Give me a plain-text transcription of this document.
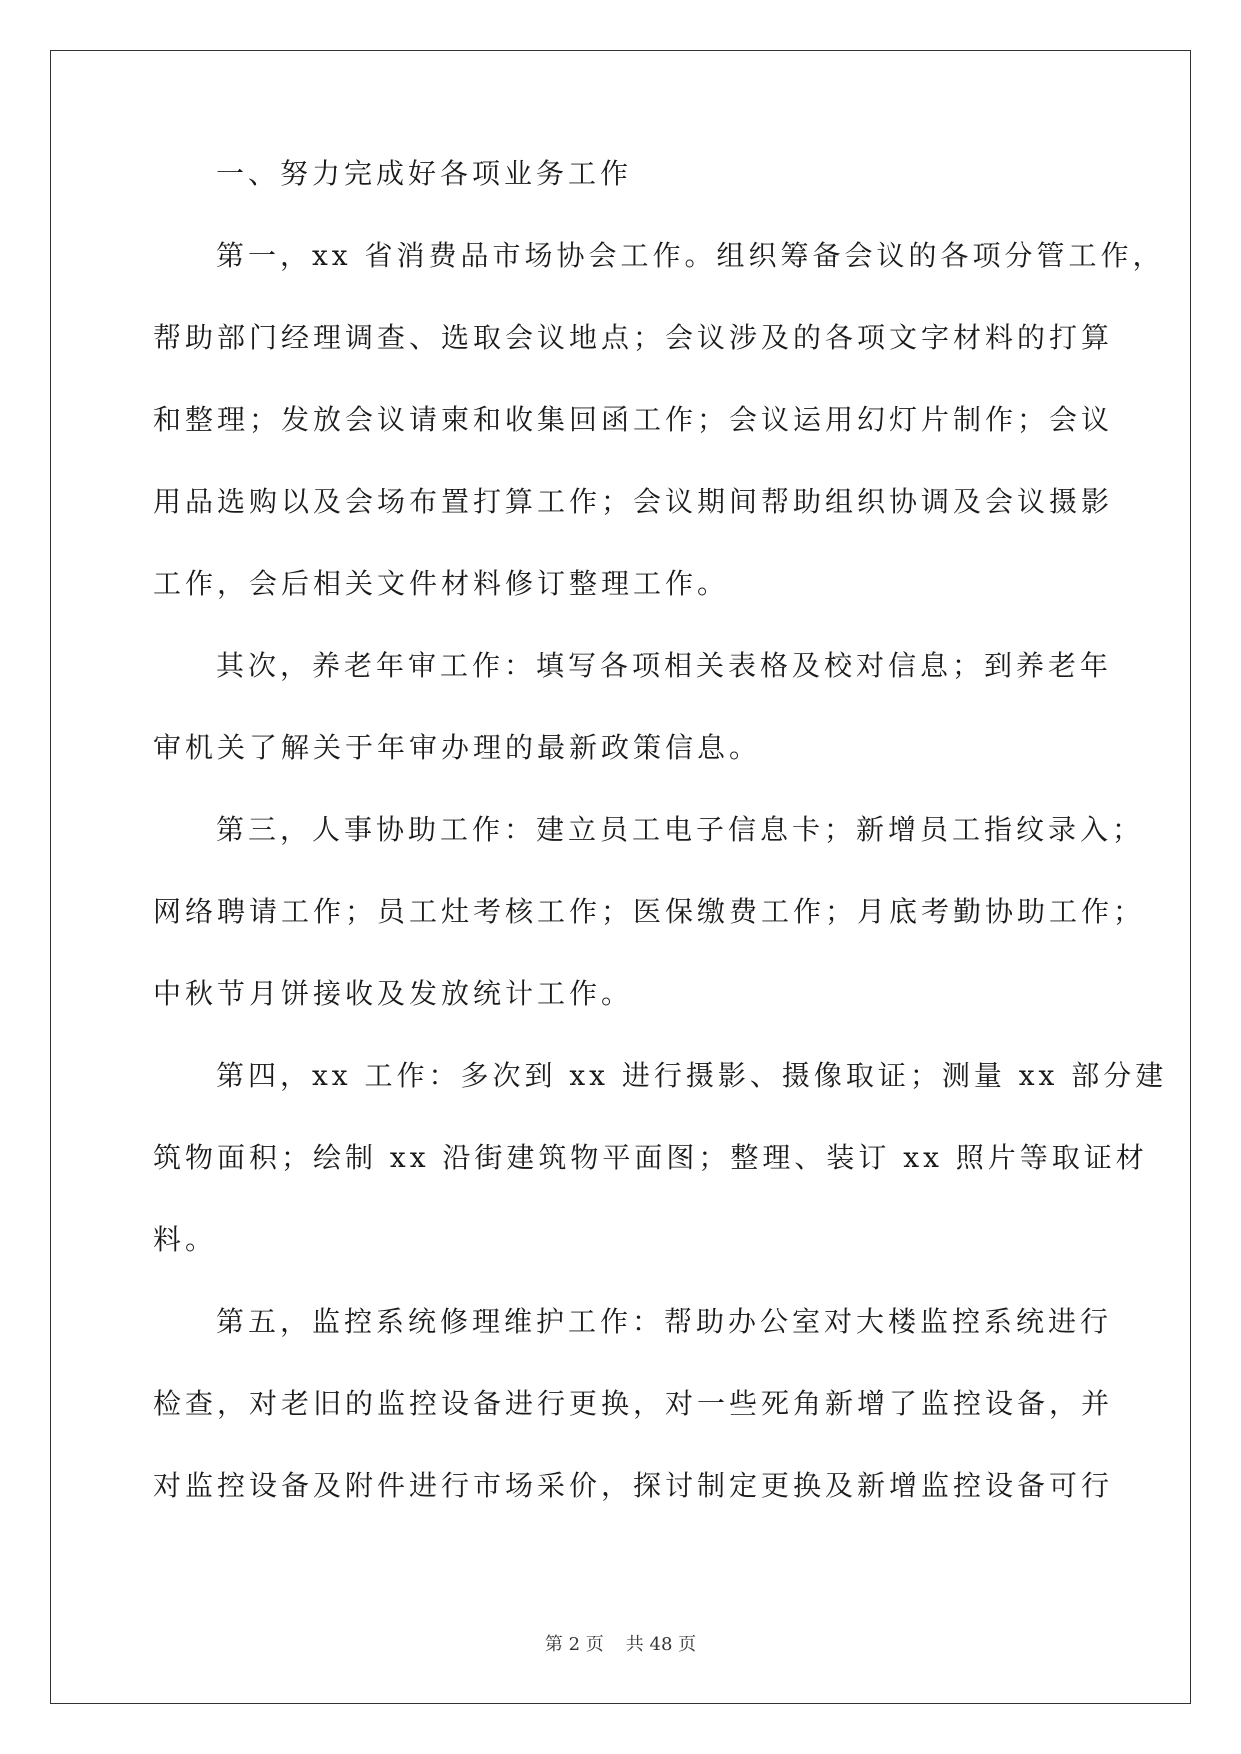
一、努力完成好各项业务工作
第一，xx 省消费品市场协会工作。组织筹备会议的各项分管工作，
帮助部门经理调查、选取会议地点；会议涉及的各项文字材料的打算
和整理；发放会议请柬和收集回函工作；会议运用幻灯片制作；会议
用品选购以及会场布置打算工作；会议期间帮助组织协调及会议摄影
工作，会后相关文件材料修订整理工作。
其次，养老年审工作：填写各项相关表格及校对信息；到养老年
审机关了解关于年审办理的最新政策信息。
第三，人事协助工作：建立员工电子信息卡；新增员工指纹录入；
网络聘请工作；员工灶考核工作；医保缴费工作；月底考勤协助工作；
中秋节月饼接收及发放统计工作。
第四，xx 工作：多次到 xx 进行摄影、摄像取证；测量 xx 部分建
筑物面积；绘制 xx 沿街建筑物平面图；整理、装订 xx 照片等取证材
料。
第五，监控系统修理维护工作：帮助办公室对大楼监控系统进行
检查，对老旧的监控设备进行更换，对一些死角新增了监控设备，并
对监控设备及附件进行市场采价，探讨制定更换及新增监控设备可行
第 2 页 共 48 页
